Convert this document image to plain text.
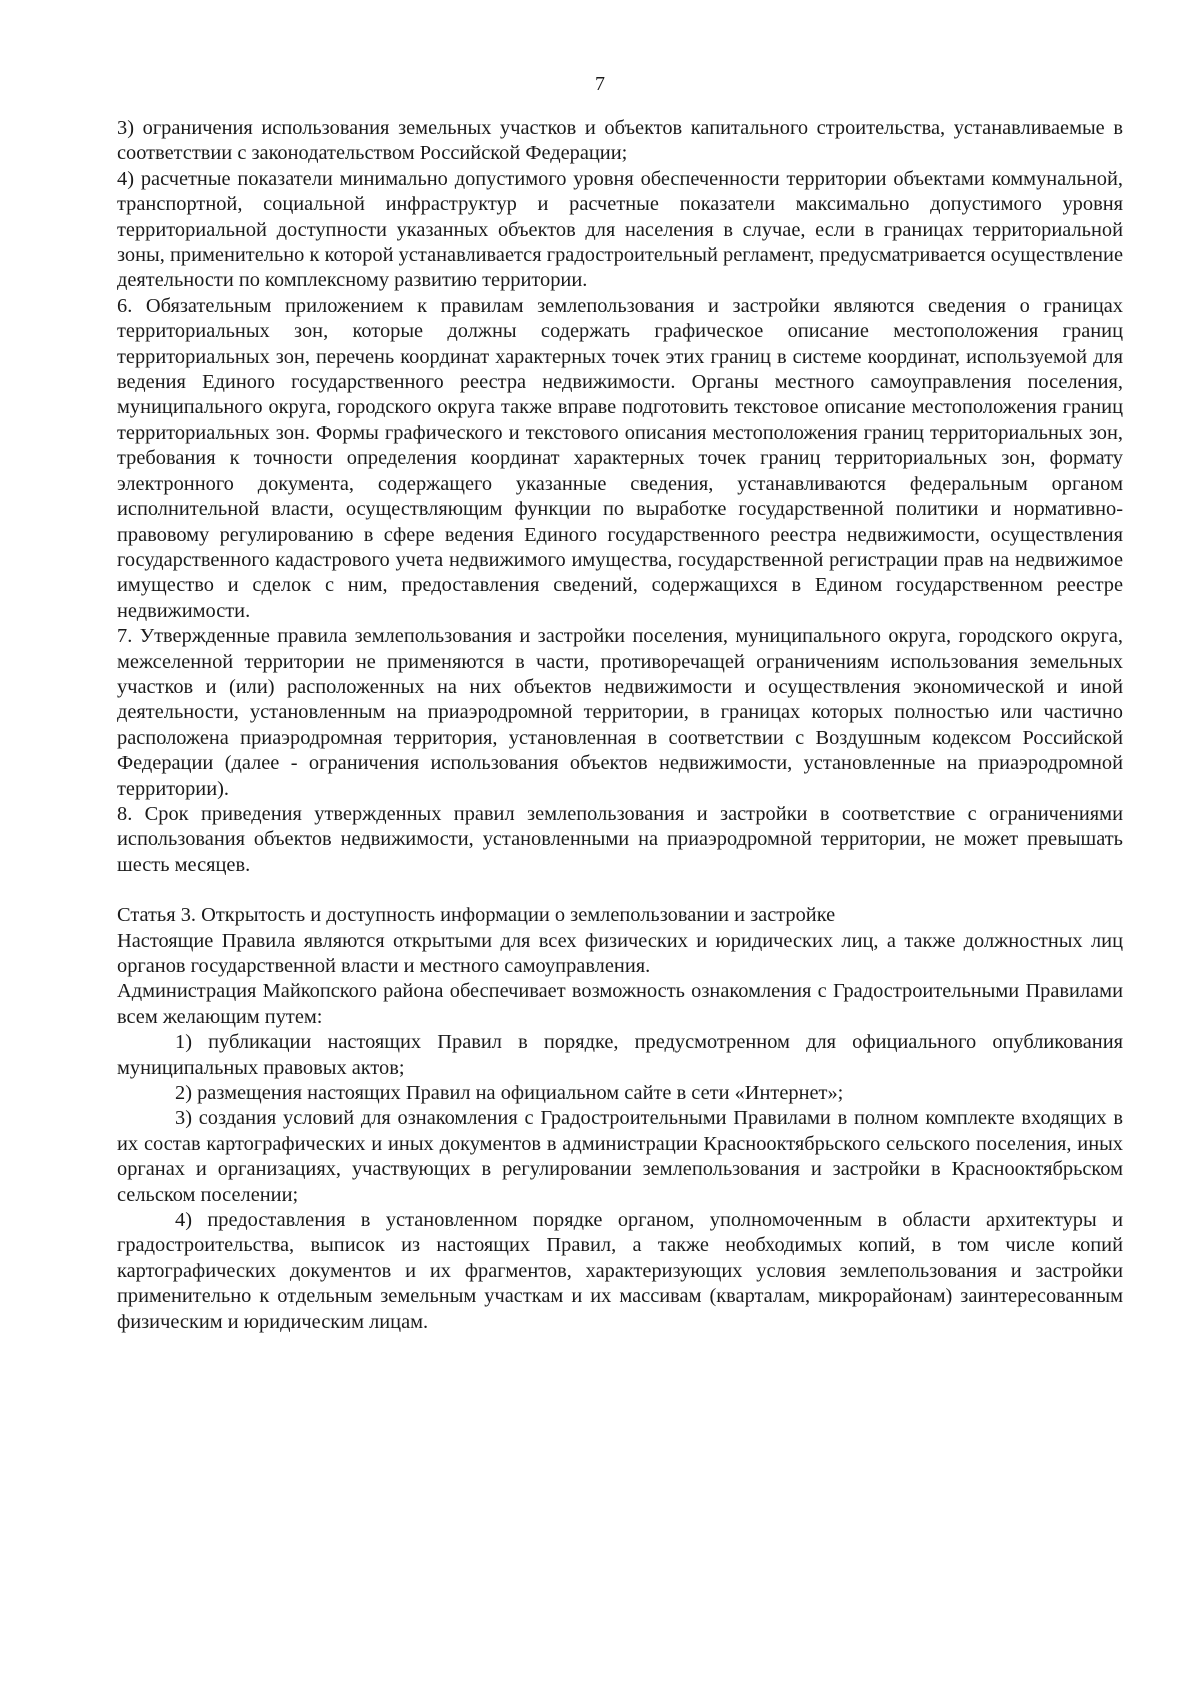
7

3) ограничения использования земельных участков и объектов капитального строительства, устанавливаемые в соответствии с законодательством Российской Федерации;

4) расчетные показатели минимально допустимого уровня обеспеченности территории объектами коммунальной, транспортной, социальной инфраструктур и расчетные показатели максимально допустимого уровня территориальной доступности указанных объектов для населения в случае, если в границах территориальной зоны, применительно к которой устанавливается градостроительный регламент, предусматривается осуществление деятельности по комплексному развитию территории.

6. Обязательным приложением к правилам землепользования и застройки являются сведения о границах территориальных зон, которые должны содержать графическое описание местоположения границ территориальных зон, перечень координат характерных точек этих границ в системе координат, используемой для ведения Единого государственного реестра недвижимости. Органы местного самоуправления поселения, муниципального округа, городского округа также вправе подготовить текстовое описание местоположения границ территориальных зон. Формы графического и текстового описания местоположения границ территориальных зон, требования к точности определения координат характерных точек границ территориальных зон, формату электронного документа, содержащего указанные сведения, устанавливаются федеральным органом исполнительной власти, осуществляющим функции по выработке государственной политики и нормативно-правовому регулированию в сфере ведения Единого государственного реестра недвижимости, осуществления государственного кадастрового учета недвижимого имущества, государственной регистрации прав на недвижимое имущество и сделок с ним, предоставления сведений, содержащихся в Едином государственном реестре недвижимости.

7. Утвержденные правила землепользования и застройки поселения, муниципального округа, городского округа, межселенной территории не применяются в части, противоречащей ограничениям использования земельных участков и (или) расположенных на них объектов недвижимости и осуществления экономической и иной деятельности, установленным на приаэродромной территории, в границах которых полностью или частично расположена приаэродромная территория, установленная в соответствии с Воздушным кодексом Российской Федерации (далее - ограничения использования объектов недвижимости, установленные на приаэродромной территории).

8. Срок приведения утвержденных правил землепользования и застройки в соответствие с ограничениями использования объектов недвижимости, установленными на приаэродромной территории, не может превышать шесть месяцев.

Статья 3. Открытость и доступность информации о землепользовании и застройке

Настоящие Правила являются открытыми для всех физических и юридических лиц, а также должностных лиц органов государственной власти и местного самоуправления.

Администрация Майкопского района обеспечивает возможность ознакомления с Градостроительными Правилами всем желающим путем:

1) публикации настоящих Правил в порядке, предусмотренном для официального опубликования муниципальных правовых актов;

2) размещения настоящих Правил на официальном сайте в сети «Интернет»;

3) создания условий для ознакомления с Градостроительными Правилами в полном комплекте входящих в их состав картографических и иных документов в администрации Краснооктябрьского сельского поселения, иных органах и организациях, участвующих в регулировании землепользования и застройки в Краснооктябрьском сельском поселении;

4) предоставления в установленном порядке органом, уполномоченным в области архитектуры и градостроительства, выписок из настоящих Правил, а также необходимых копий, в том числе копий картографических документов и их фрагментов, характеризующих условия землепользования и застройки применительно к отдельным земельным участкам и их массивам (кварталам, микрорайонам) заинтересованным физическим и юридическим лицам.
